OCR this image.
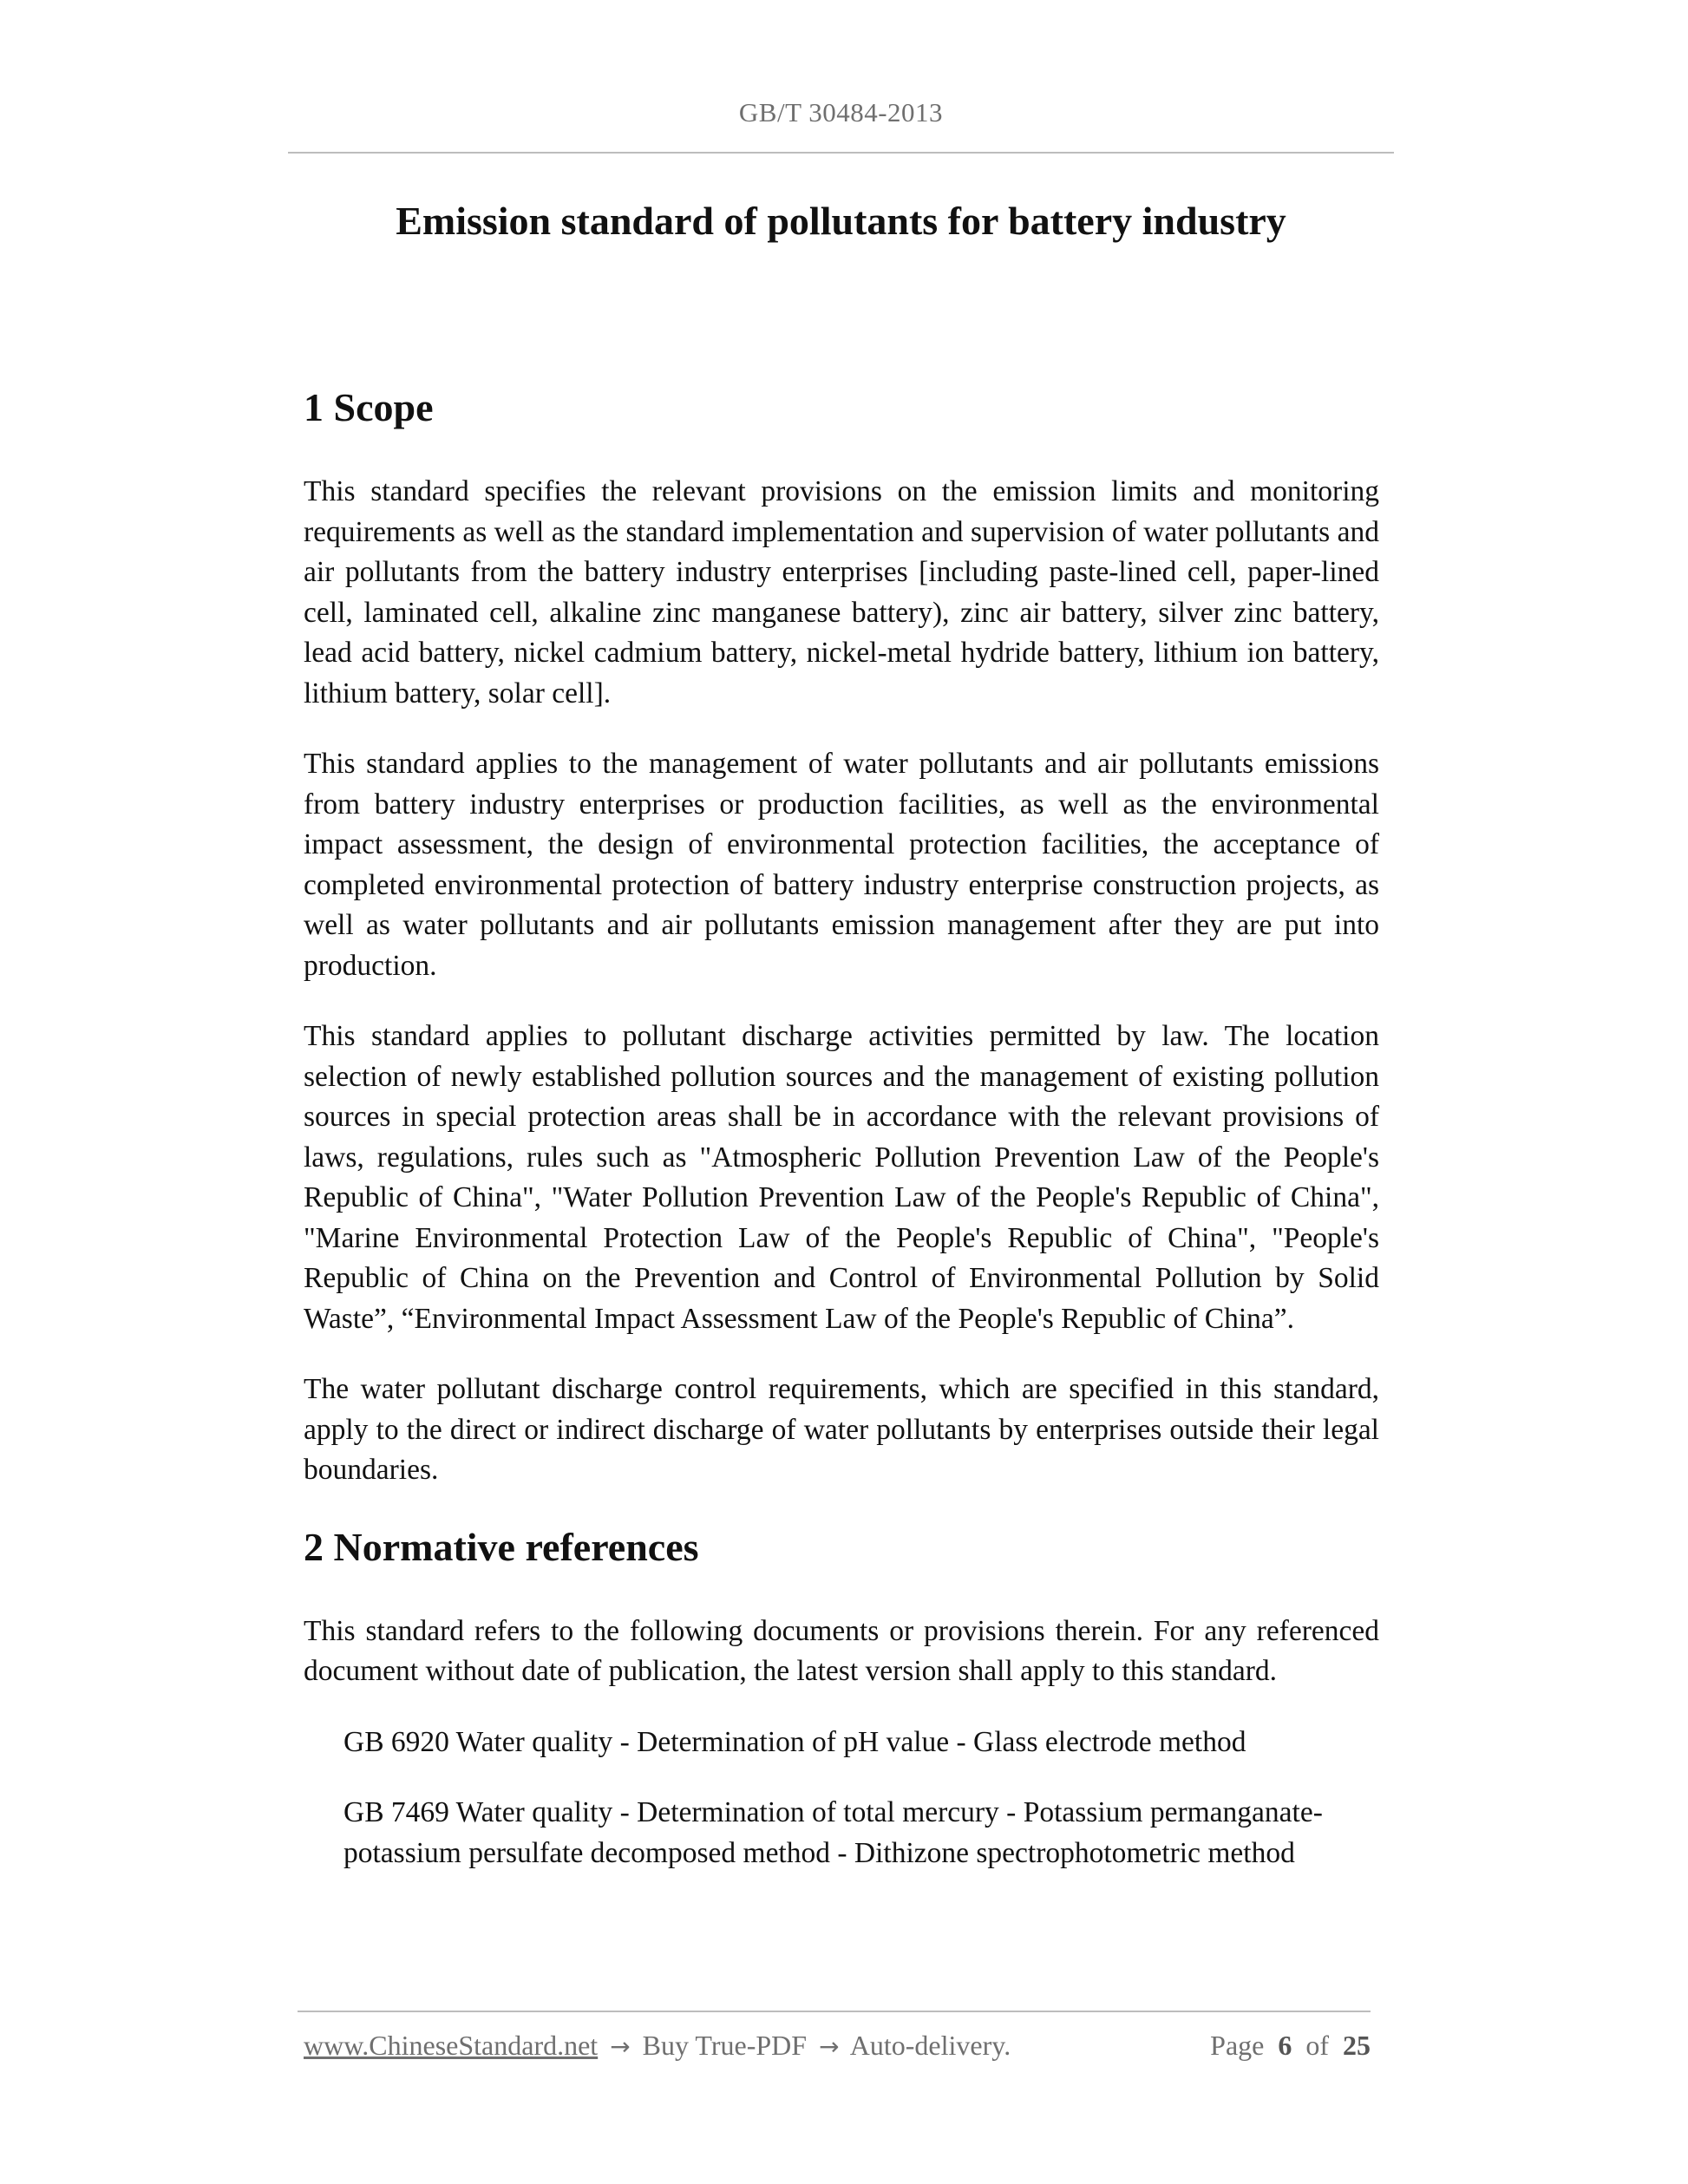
GB/T 30484-2013
Emission standard of pollutants for battery industry
1 Scope

This standard specifies the relevant provisions on the emission limits and monitoring requirements as well as the standard implementation and supervision of water pollutants and air pollutants from the battery industry enterprises [including paste-lined cell, paper-lined cell, laminated cell, alkaline zinc manganese battery), zinc air battery, silver zinc battery, lead acid battery, nickel cadmium battery, nickel-metal hydride battery, lithium ion battery, lithium battery, solar cell].

This standard applies to the management of water pollutants and air pollutants emissions from battery industry enterprises or production facilities, as well as the environmental impact assessment, the design of environmental protection facilities, the acceptance of completed environmental protection of battery industry enterprise construction projects, as well as water pollutants and air pollutants emission management after they are put into production.

This standard applies to pollutant discharge activities permitted by law. The location selection of newly established pollution sources and the management of existing pollution sources in special protection areas shall be in accordance with the relevant provisions of laws, regulations, rules such as "Atmospheric Pollution Prevention Law of the People's Republic of China", "Water Pollution Prevention Law of the People's Republic of China", "Marine Environmental Protection Law of the People's Republic of China", "People's Republic of China on the Prevention and Control of Environmental Pollution by Solid Waste”, “Environmental Impact Assessment Law of the People's Republic of China”.

The water pollutant discharge control requirements, which are specified in this standard, apply to the direct or indirect discharge of water pollutants by enterprises outside their legal boundaries.

2 Normative references

This standard refers to the following documents or provisions therein. For any referenced document without date of publication, the latest version shall apply to this standard.

GB 6920 Water quality - Determination of pH value - Glass electrode method
GB 7469 Water quality - Determination of total mercury - Potassium permanganate-potassium persulfate decomposed method - Dithizone spectrophotometric method
www.ChineseStandard.net → Buy True-PDF → Auto-delivery.	Page 6 of 25
